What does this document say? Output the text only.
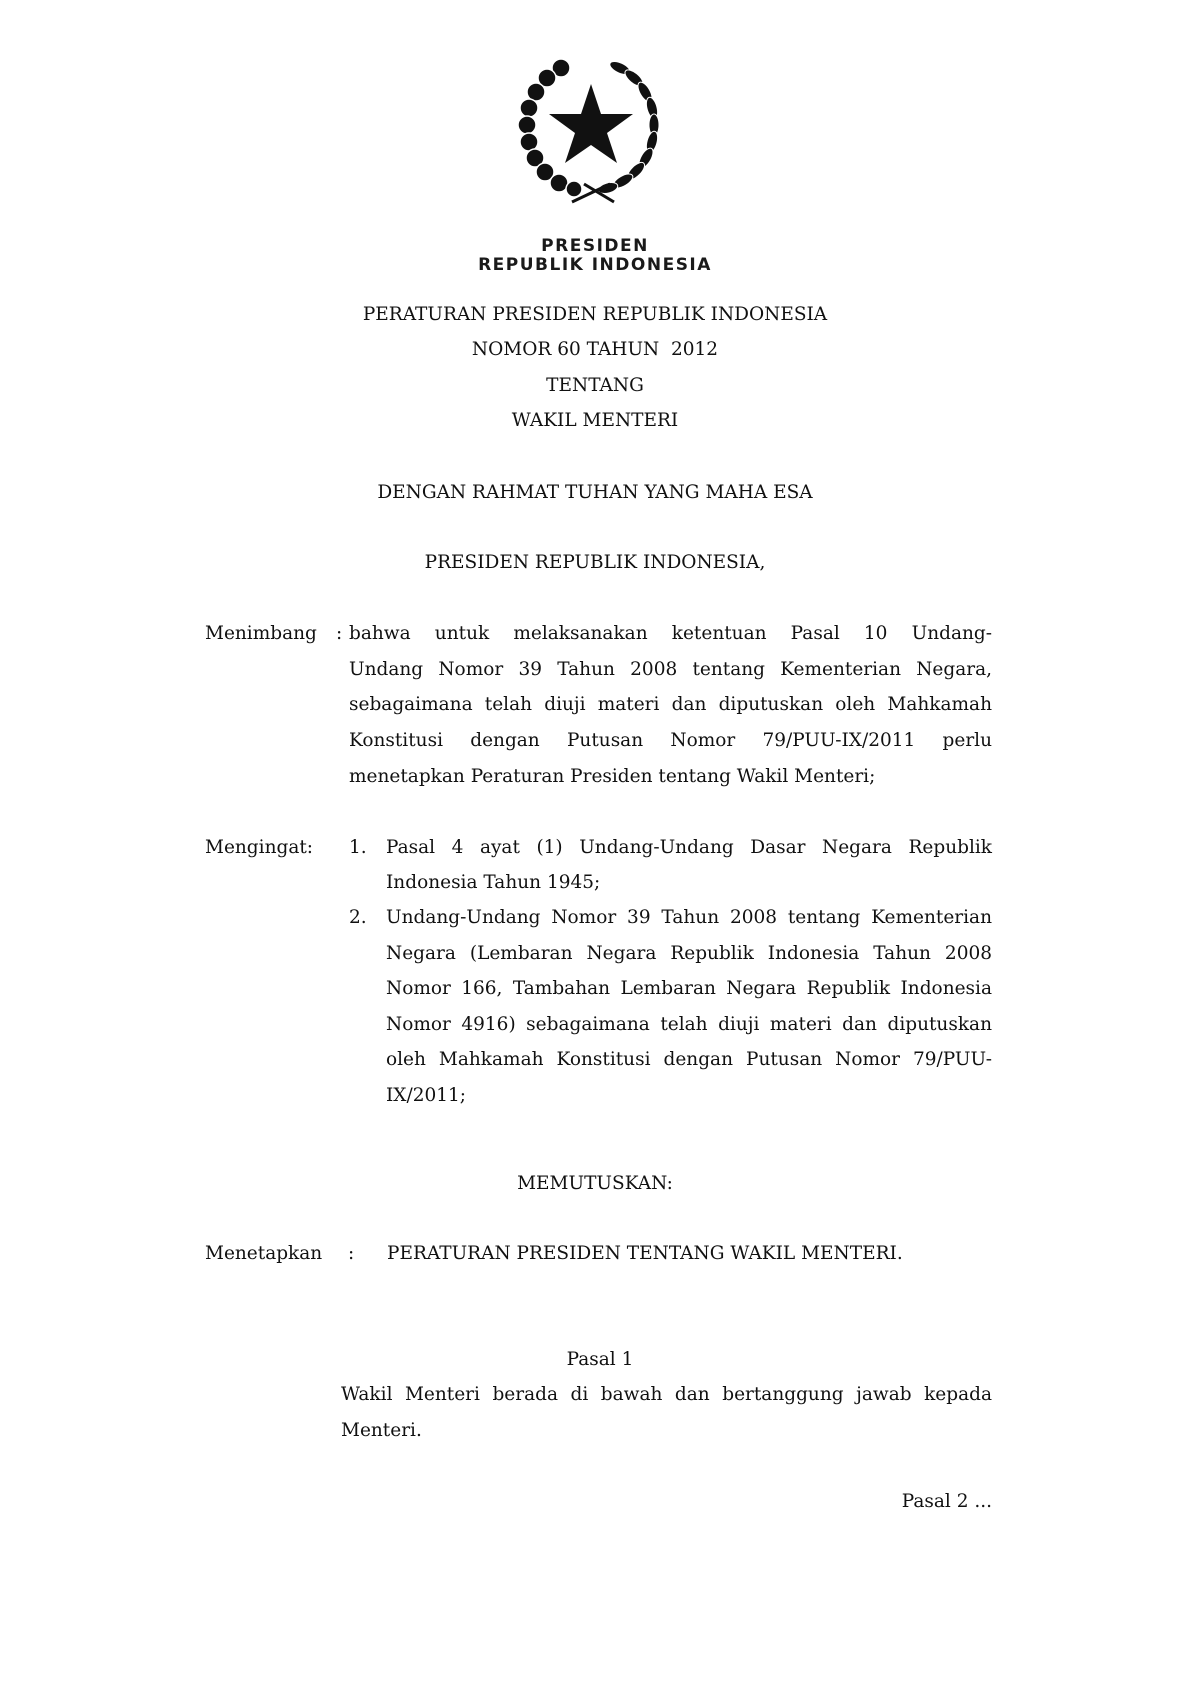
PRESIDEN
REPUBLIK INDONESIA
PERATURAN PRESIDEN REPUBLIK INDONESIA
NOMOR 60 TAHUN  2012
TENTANG
WAKIL MENTERI
DENGAN RAHMAT TUHAN YANG MAHA ESA
PRESIDEN REPUBLIK INDONESIA,
Menimbang : bahwa untuk melaksanakan ketentuan Pasal 10 Undang-
Undang Nomor 39 Tahun 2008 tentang Kementerian Negara,
sebagaimana telah diuji materi dan diputuskan oleh Mahkamah
Konstitusi dengan Putusan Nomor 79/PUU-IX/2011 perlu
menetapkan Peraturan Presiden tentang Wakil Menteri;
Mengingat: 1. Pasal 4 ayat (1) Undang-Undang Dasar Negara Republik
Indonesia Tahun 1945;
2. Undang-Undang Nomor 39 Tahun 2008 tentang Kementerian
Negara (Lembaran Negara Republik Indonesia Tahun 2008
Nomor 166, Tambahan Lembaran Negara Republik Indonesia
Nomor 4916) sebagaimana telah diuji materi dan diputuskan
oleh Mahkamah Konstitusi dengan Putusan Nomor 79/PUU-
IX/2011;
MEMUTUSKAN:
Menetapkan : PERATURAN PRESIDEN TENTANG WAKIL MENTERI.
Pasal 1
Wakil Menteri berada di bawah dan bertanggung jawab kepada
Menteri.
Pasal 2 ...
